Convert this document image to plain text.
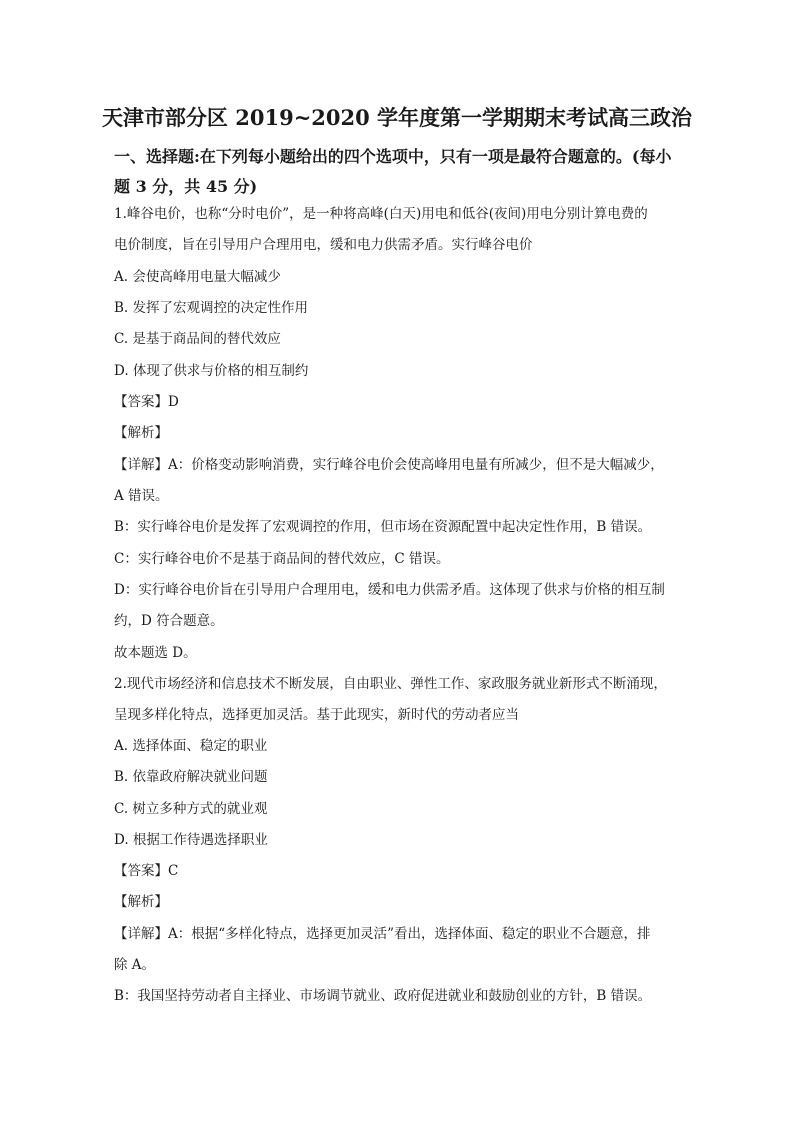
天津市部分区 2019~2020 学年度第一学期期末考试高三政治
一、选择题:在下列每小题给出的四个选项中，只有一项是最符合题意的。(每小
题 3 分，共 45 分)
1.峰谷电价，也称“分时电价”，是一种将高峰(白天)用电和低谷(夜间)用电分别计算电费的
电价制度，旨在引导用户合理用电，缓和电力供需矛盾。实行峰谷电价
A. 会使高峰用电量大幅减少
B. 发挥了宏观调控的决定性作用
C. 是基于商品间的替代效应
D. 体现了供求与价格的相互制约
【答案】D
【解析】
【详解】A：价格变动影响消费，实行峰谷电价会使高峰用电量有所减少，但不是大幅减少，
A 错误。
B：实行峰谷电价是发挥了宏观调控的作用，但市场在资源配置中起决定性作用，B 错误。
C：实行峰谷电价不是基于商品间的替代效应，C 错误。
D：实行峰谷电价旨在引导用户合理用电，缓和电力供需矛盾。这体现了供求与价格的相互制
约，D 符合题意。
故本题选 D。
2.现代市场经济和信息技术不断发展，自由职业、弹性工作、家政服务就业新形式不断涌现，
呈现多样化特点，选择更加灵活。基于此现实，新时代的劳动者应当
A. 选择体面、稳定的职业
B. 依靠政府解决就业问题
C. 树立多种方式的就业观
D. 根据工作待遇选择职业
【答案】C
【解析】
【详解】A：根据“多样化特点，选择更加灵活”看出，选择体面、稳定的职业不合题意，排
除 A。
B：我国坚持劳动者自主择业、市场调节就业、政府促进就业和鼓励创业的方针，B 错误。
